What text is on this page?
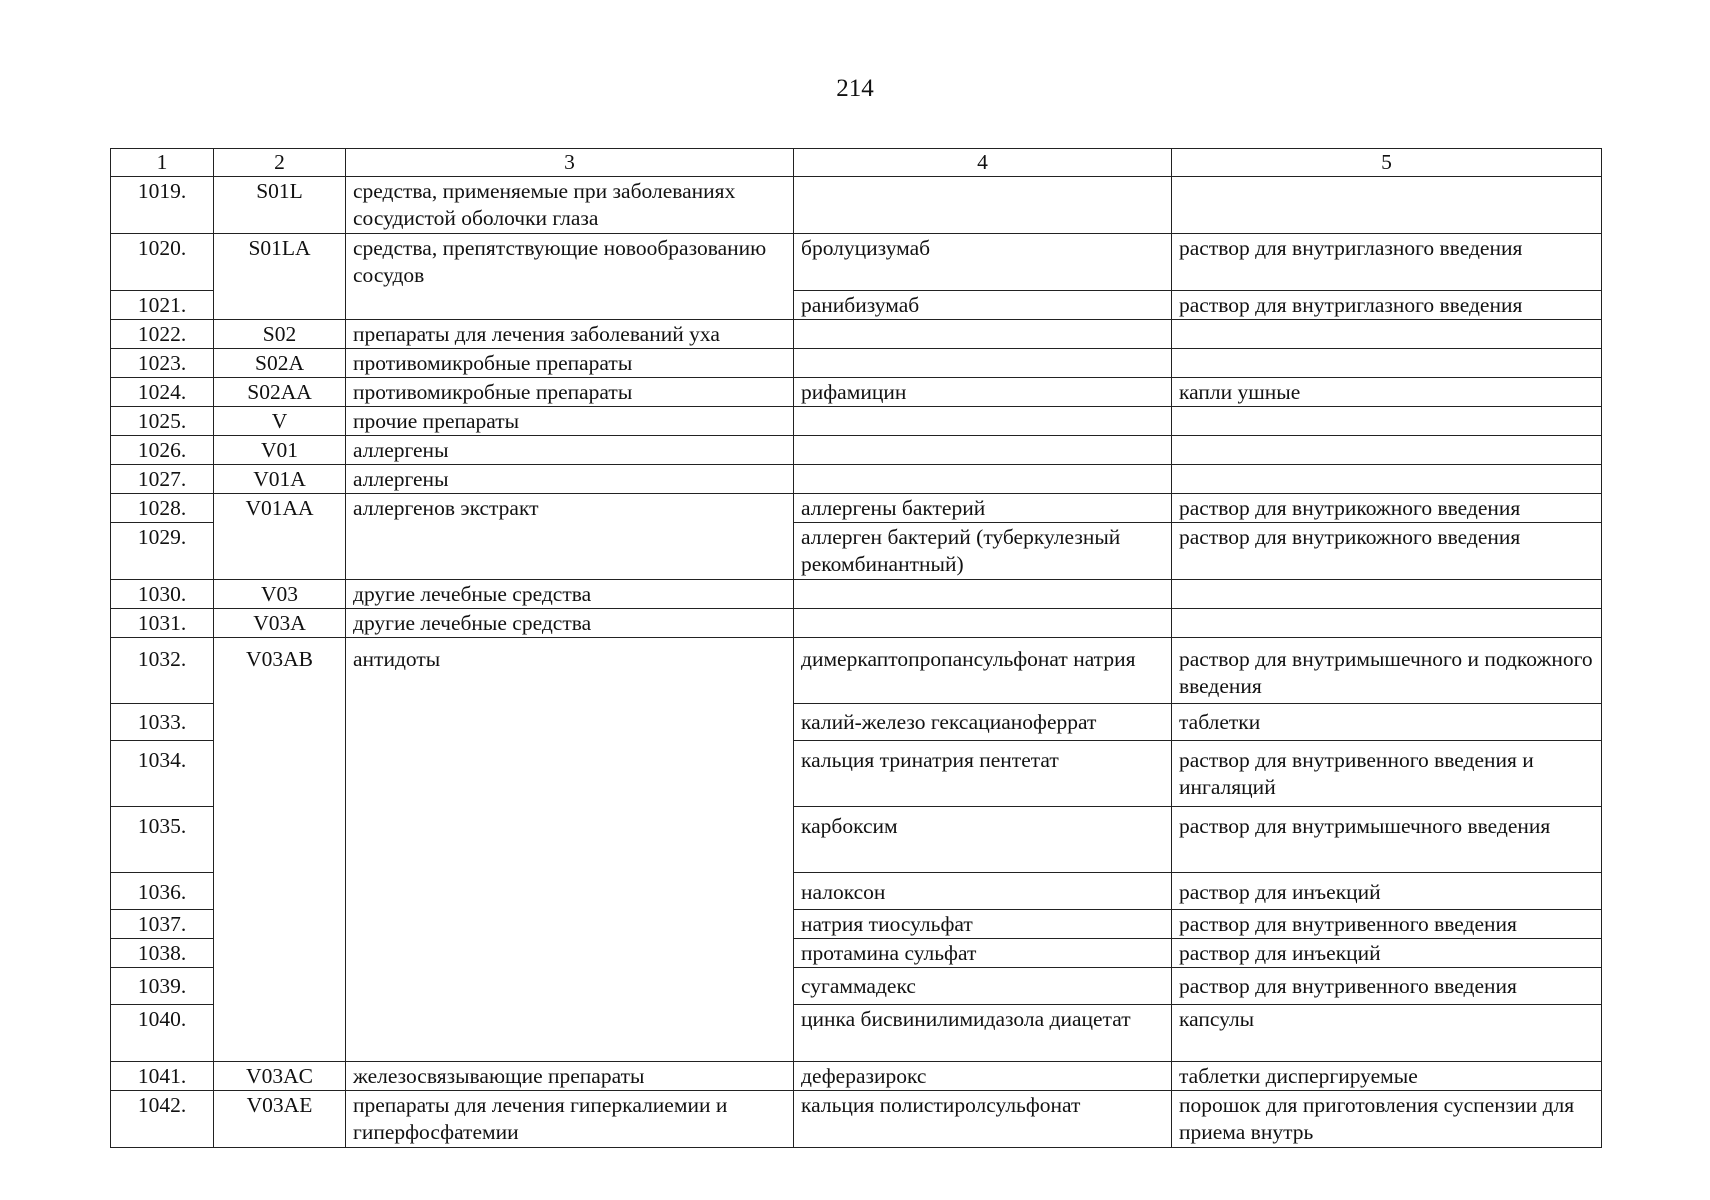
214
1	2	3	4	5
1019.	S01L	средства, применяемые при заболеваниях сосудистой оболочки глаза		
1020.	S01LA	средства, препятствующие новообразованию сосудов	бролуцизумаб	раствор для внутриглазного введения
1021.			ранибизумаб	раствор для внутриглазного введения
1022.	S02	препараты для лечения заболеваний уха		
1023.	S02A	противомикробные препараты		
1024.	S02AA	противомикробные препараты	рифамицин	капли ушные
1025.	V	прочие препараты		
1026.	V01	аллергены		
1027.	V01A	аллергены		
1028.	V01AA	аллергенов экстракт	аллергены бактерий	раствор для внутрикожного введения
1029.			аллерген бактерий (туберкулезный рекомбинантный)	раствор для внутрикожного введения
1030.	V03	другие лечебные средства		
1031.	V03A	другие лечебные средства		
1032.	V03AB	антидоты	димеркаптопропансульфонат натрия	раствор для внутримышечного и подкожного введения
1033.			калий-железо гексацианоферрат	таблетки
1034.			кальция тринатрия пентетат	раствор для внутривенного введения и ингаляций
1035.			карбоксим	раствор для внутримышечного введения
1036.			налоксон	раствор для инъекций
1037.			натрия тиосульфат	раствор для внутривенного введения
1038.			протамина сульфат	раствор для инъекций
1039.			сугаммадекс	раствор для внутривенного введения
1040.			цинка бисвинилимидазола диацетат	капсулы
1041.	V03AC	железосвязывающие препараты	деферазирокс	таблетки диспергируемые
1042.	V03AE	препараты для лечения гиперкалиемии и гиперфосфатемии	кальция полистиролсульфонат	порошок для приготовления суспензии для приема внутрь
